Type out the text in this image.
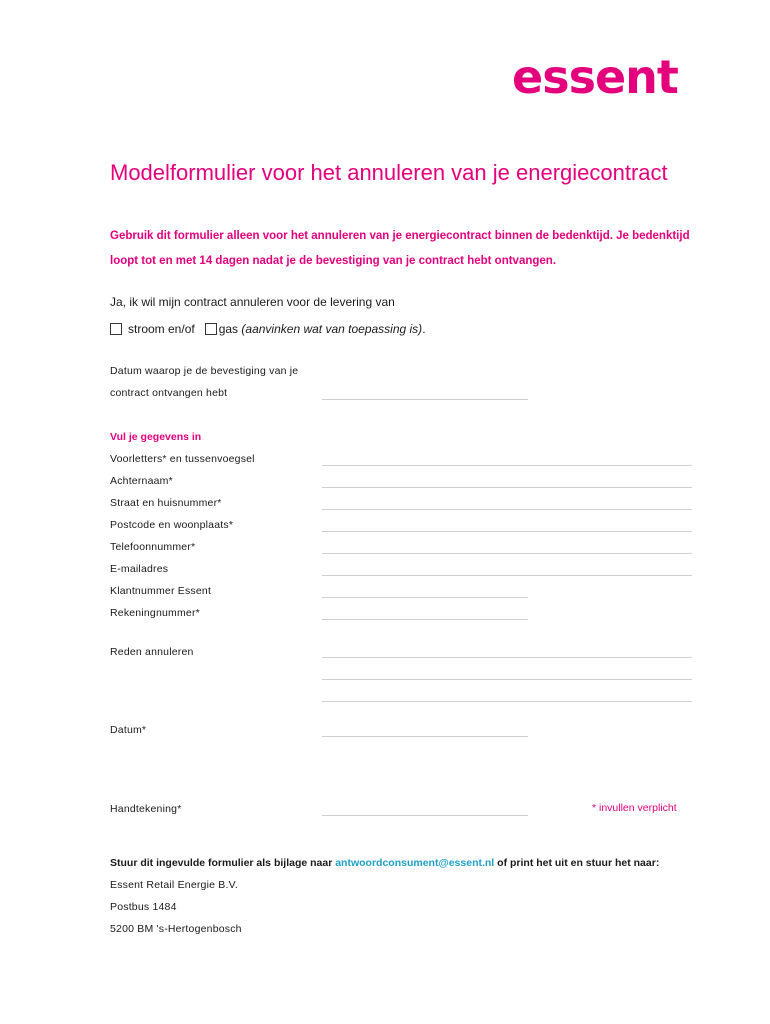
essent
Modelformulier voor het annuleren van je energiecontract
Gebruik dit formulier alleen voor het annuleren van je energiecontract binnen de bedenktijd. Je bedenktijd loopt tot en met 14 dagen nadat je de bevestiging van je contract hebt ontvangen.
Ja, ik wil mijn contract annuleren voor de levering van
stroom en/of gas (aanvinken wat van toepassing is).
Datum waarop je de bevestiging van je
contract ontvangen hebt
Vul je gegevens in
Voorletters* en tussenvoegsel
Achternaam*
Straat en huisnummer*
Postcode en woonplaats*
Telefoonnummer*
E-mailadres
Klantnummer Essent
Rekeningnummer*
Reden annuleren
Datum*
Handtekening*	* invullen verplicht
Stuur dit ingevulde formulier als bijlage naar antwoordconsument@essent.nl of print het uit en stuur het naar:
Essent Retail Energie B.V.
Postbus 1484
5200 BM 's-Hertogenbosch
